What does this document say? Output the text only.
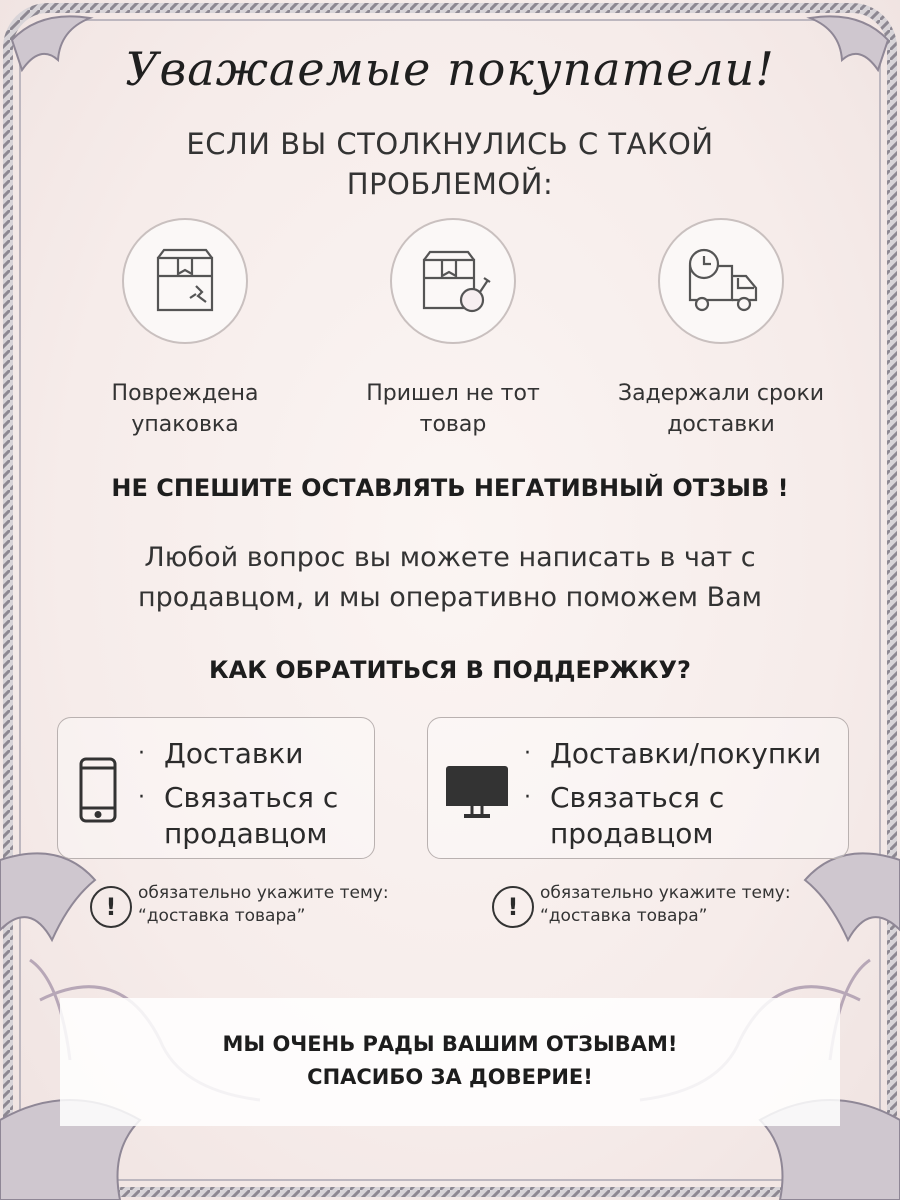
Уважаемые покупатели!
ЕСЛИ ВЫ СТОЛКНУЛИСЬ С ТАКОЙ ПРОБЛЕМОЙ:
Повреждена упаковка
Пришел не тот товар
Задержали сроки доставки
НЕ СПЕШИТЕ ОСТАВЛЯТЬ НЕГАТИВНЫЙ ОТЗЫВ !
Любой вопрос вы можете написать в чат с продавцом, и мы оперативно поможем Вам
КАК ОБРАТИТЬСЯ В ПОДДЕРЖКУ?
· Доставки
· Связаться с продавцом
· Доставки/покупки
· Связаться с продавцом
!	обязательно укажите тему: “доставка товара”	!	обязательно укажите тему: “доставка товара”
МЫ ОЧЕНЬ РАДЫ ВАШИМ ОТЗЫВАМ!
СПАСИБО ЗА ДОВЕРИЕ!
